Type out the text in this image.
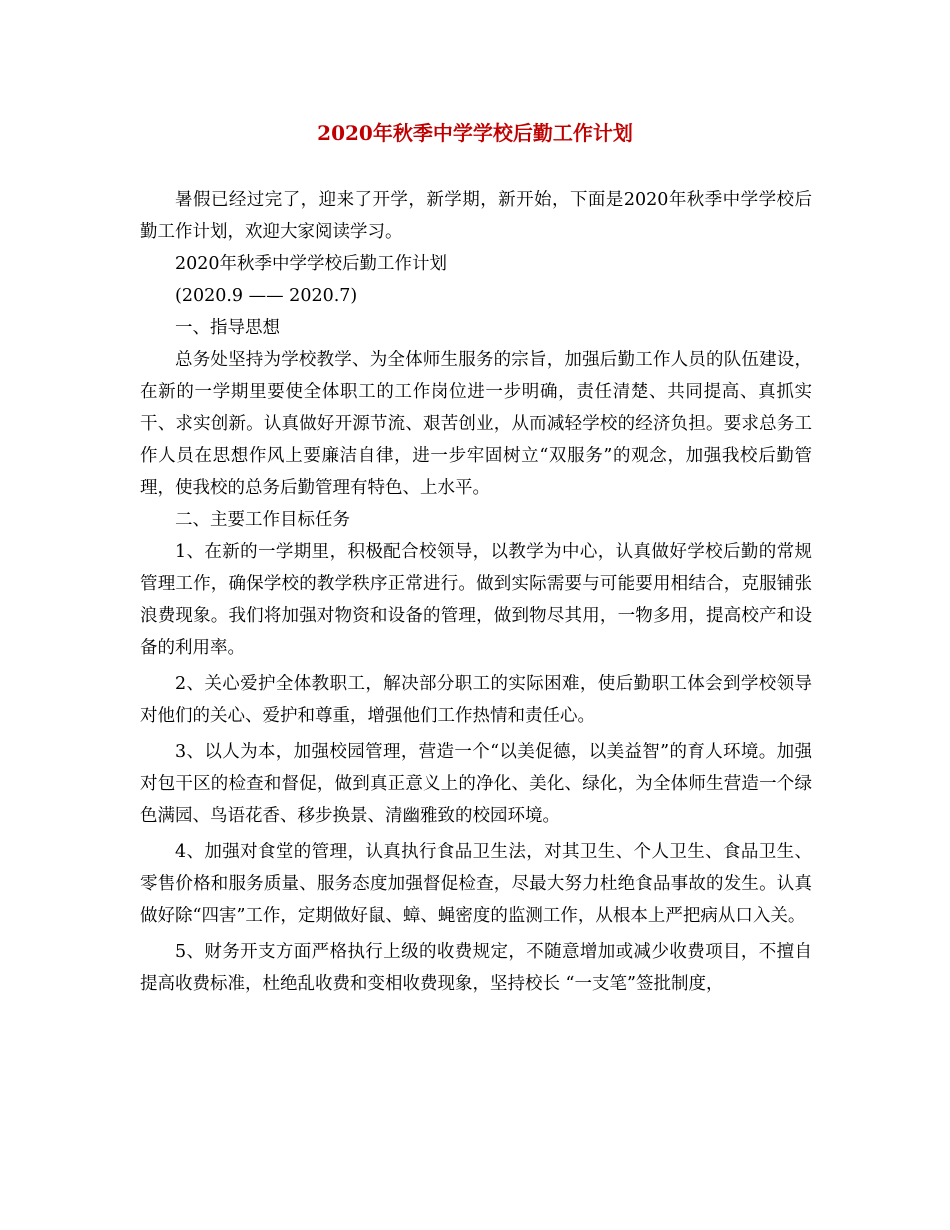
2020年秋季中学学校后勤工作计划

暑假已经过完了，迎来了开学，新学期，新开始，下面是2020年秋季中学学校后勤工作计划，欢迎大家阅读学习。

2020年秋季中学学校后勤工作计划

(2020.9 —— 2020.7)

一、指导思想

总务处坚持为学校教学、为全体师生服务的宗旨，加强后勤工作人员的队伍建设，在新的一学期里要使全体职工的工作岗位进一步明确，责任清楚、共同提高、真抓实干、求实创新。认真做好开源节流、艰苦创业，从而减轻学校的经济负担。要求总务工作人员在思想作风上要廉洁自律，进一步牢固树立“双服务”的观念，加强我校后勤管理，使我校的总务后勤管理有特色、上水平。

二、主要工作目标任务

1、在新的一学期里，积极配合校领导，以教学为中心，认真做好学校后勤的常规管理工作，确保学校的教学秩序正常进行。做到实际需要与可能要用相结合，克服铺张浪费现象。我们将加强对物资和设备的管理，做到物尽其用，一物多用，提高校产和设备的利用率。

2、关心爱护全体教职工，解决部分职工的实际困难，使后勤职工体会到学校领导对他们的关心、爱护和尊重，增强他们工作热情和责任心。

3、以人为本，加强校园管理，营造一个“以美促德，以美益智”的育人环境。加强对包干区的检查和督促，做到真正意义上的净化、美化、绿化，为全体师生营造一个绿色满园、鸟语花香、移步换景、清幽雅致的校园环境。

4、加强对食堂的管理，认真执行食品卫生法，对其卫生、个人卫生、食品卫生、零售价格和服务质量、服务态度加强督促检查，尽最大努力杜绝食品事故的发生。认真做好除“四害”工作，定期做好鼠、蟑、蝇密度的监测工作，从根本上严把病从口入关。

5、财务开支方面严格执行上级的收费规定，不随意增加或减少收费项目，不擅自提高收费标准，杜绝乱收费和变相收费现象，坚持校长 “一支笔”签批制度，
